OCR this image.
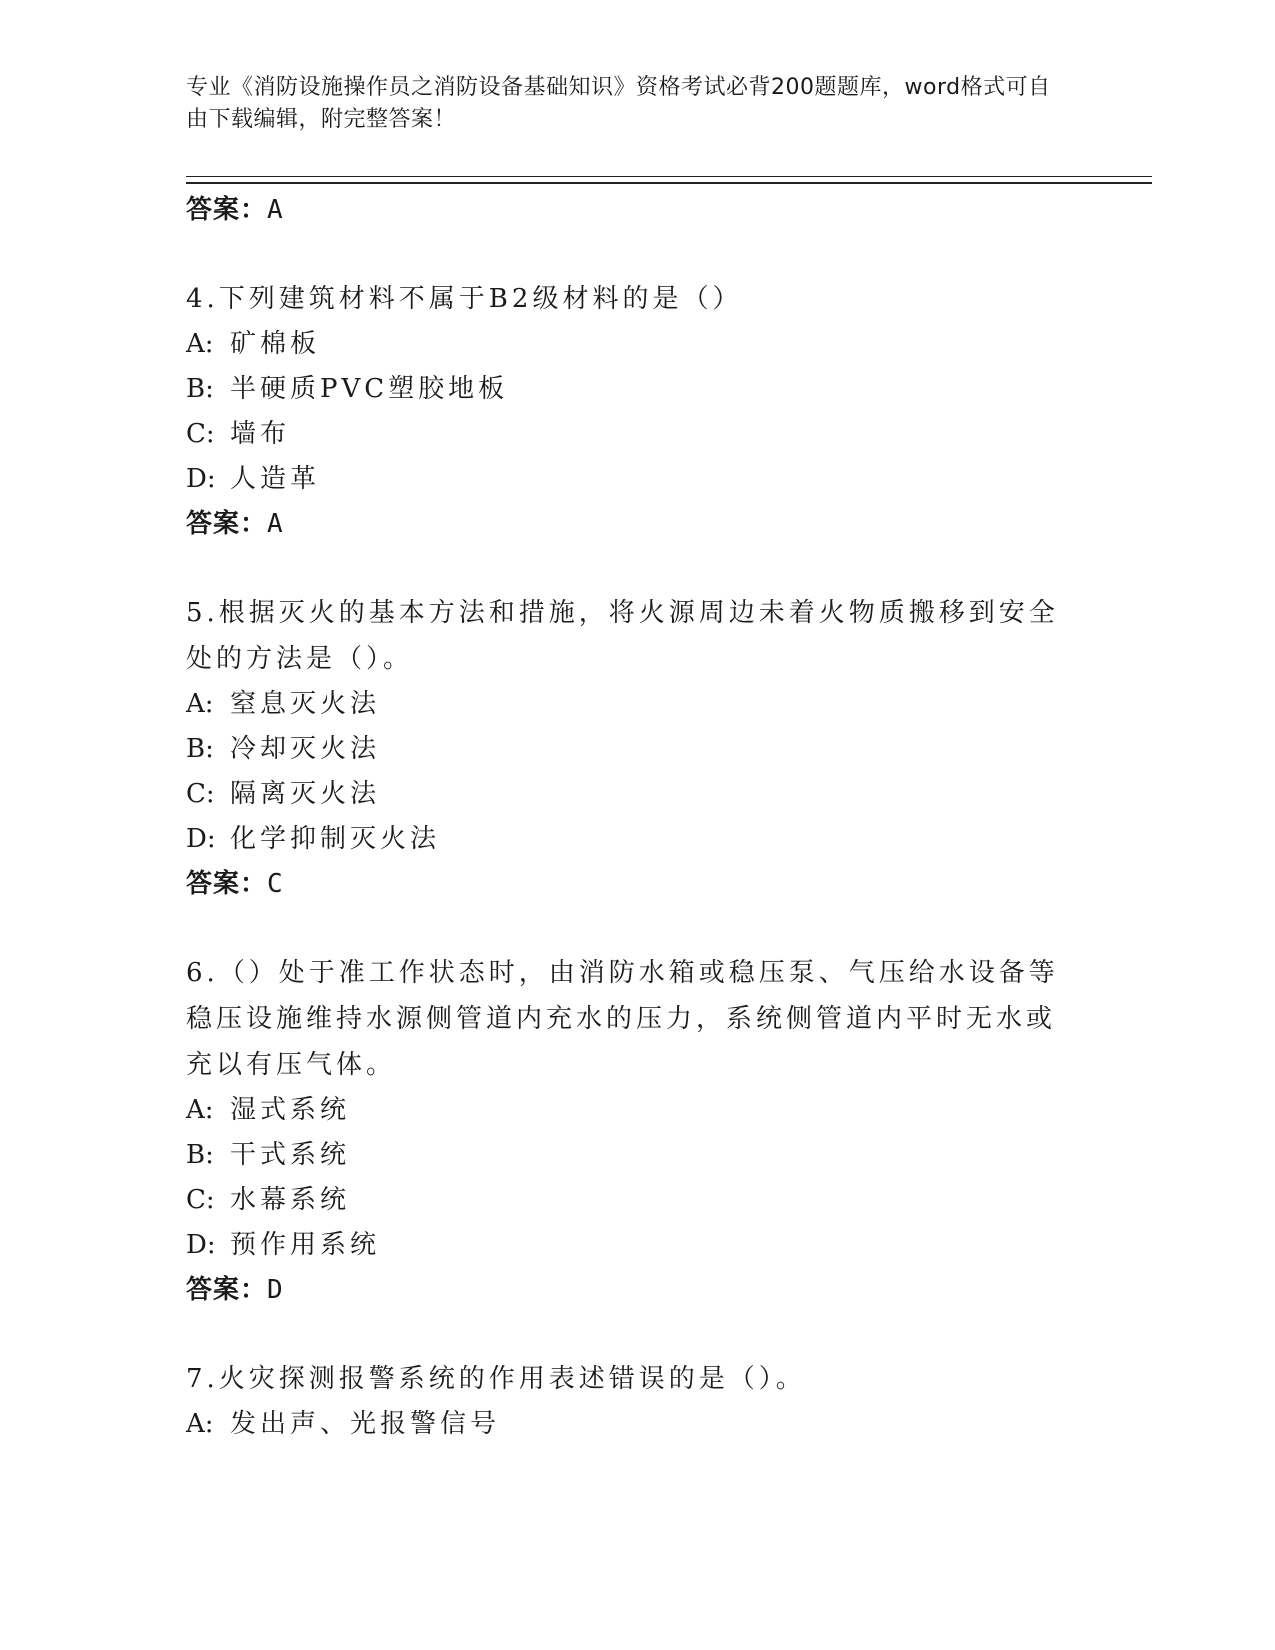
专业《消防设施操作员之消防设备基础知识》资格考试必背200题题库，word格式可自由下载编辑，附完整答案！
答案：A
4.下列建筑材料不属于B2级材料的是（）
A: 矿棉板
B: 半硬质PVC塑胶地板
C: 墙布
D: 人造革
答案：A
5.根据灭火的基本方法和措施，将火源周边未着火物质搬移到安全处的方法是（）。
A: 窒息灭火法
B: 冷却灭火法
C: 隔离灭火法
D: 化学抑制灭火法
答案：C
6.（）处于准工作状态时，由消防水箱或稳压泵、气压给水设备等稳压设施维持水源侧管道内充水的压力，系统侧管道内平时无水或充以有压气体。
A: 湿式系统
B: 干式系统
C: 水幕系统
D: 预作用系统
答案：D
7.火灾探测报警系统的作用表述错误的是（）。
A: 发出声、光报警信号
